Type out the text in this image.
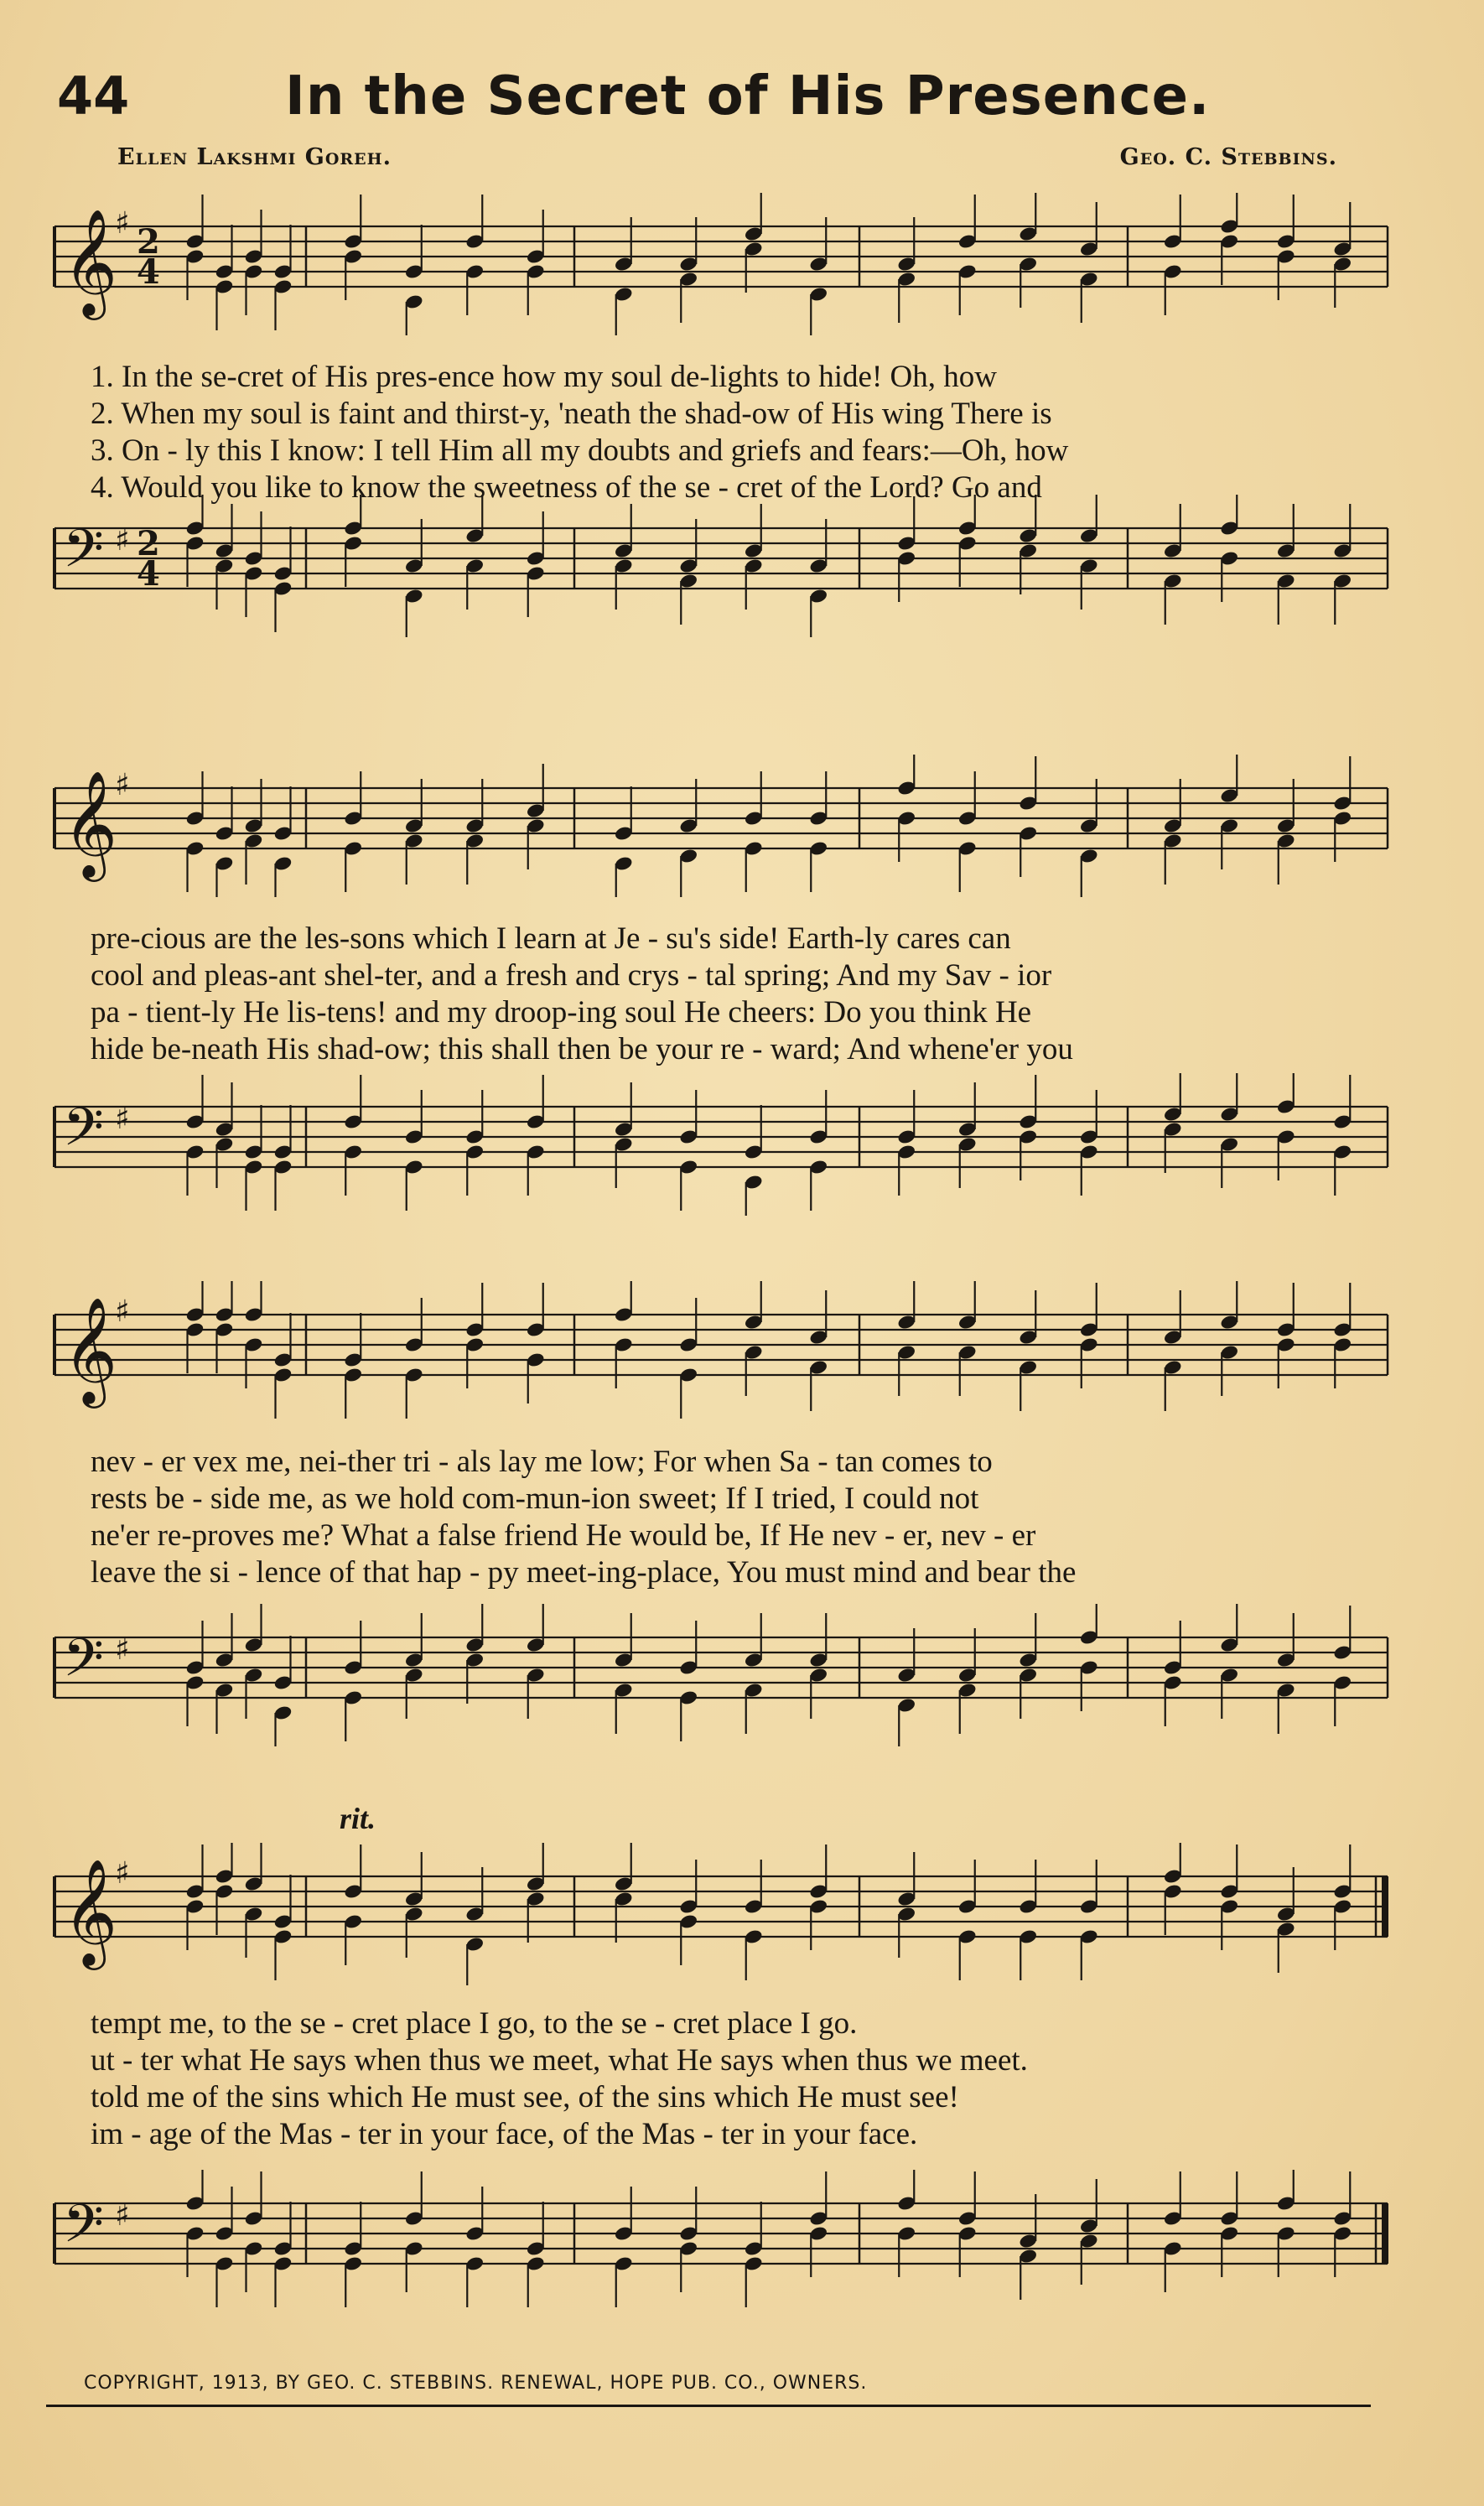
44	In the Secret of His Presence.
Ellen Lakshmi Goreh.	Geo. C. Stebbins.
𝄞
♯ 2
4
𝄢 ♯ 2
4
1. In the se-cret of His pres-ence how my soul de-lights to hide! Oh, how
2. When my soul is faint and thirst-y, 'neath the shad-ow of His wing There is
3. On - ly this I know: I tell Him all my doubts and griefs and fears:—Oh, how
4. Would you like to know the sweetness of the se - cret of the Lord? Go and
𝄞
♯
𝄢 ♯
pre-cious are the les-sons which I learn at Je - su's side! Earth-ly cares can
cool and pleas-ant shel-ter, and a fresh and crys - tal spring; And my Sav - ior
pa - tient-ly He lis-tens! and my droop-ing soul He cheers: Do you think He
hide be-neath His shad-ow; this shall then be your re - ward; And whene'er you
𝄞
♯
𝄢 ♯
nev - er vex me, nei-ther tri - als lay me low; For when Sa - tan comes to
rests be - side me, as we hold com-mun-ion sweet; If I tried, I could not
ne'er re-proves me? What a false friend He would be, If He nev - er, nev - er
leave the si - lence of that hap - py meet-ing-place, You must mind and bear the
rit.
𝄞
♯
𝄢 ♯
tempt me, to the se - cret place I go, to the se - cret place I go.
ut - ter what He says when thus we meet, what He says when thus we meet.
told me of the sins which He must see, of the sins which He must see!
im - age of the Mas - ter in your face, of the Mas - ter in your face.
COPYRIGHT, 1913, BY GEO. C. STEBBINS. RENEWAL, HOPE PUB. CO., OWNERS.
